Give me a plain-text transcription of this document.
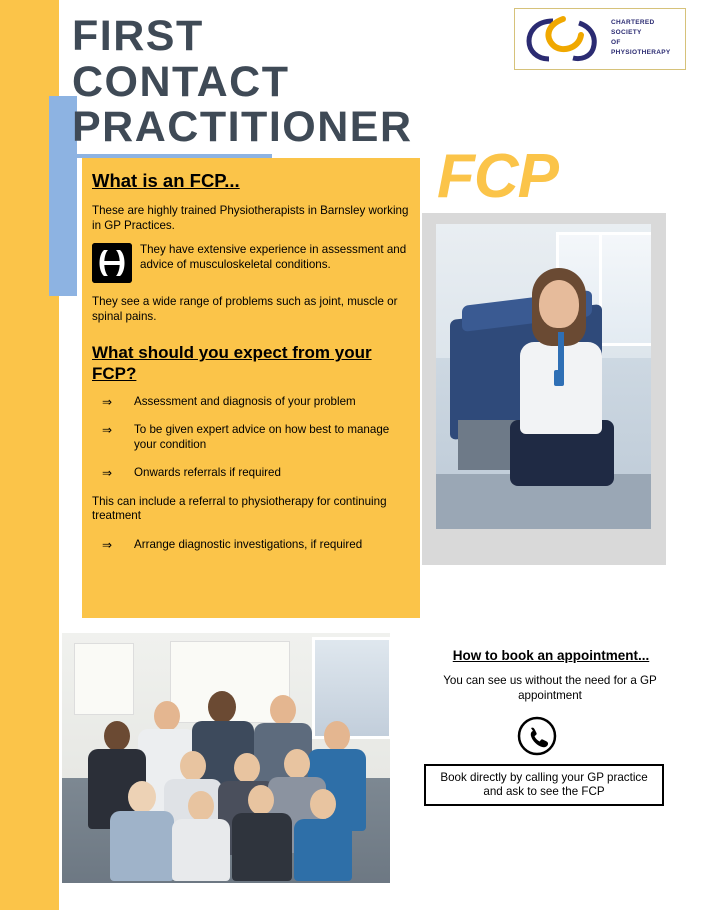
FIRST
CONTACT
PRACTITIONER
CHARTERED
SOCIETY
OF
PHYSIOTHERAPY
FCP
What is an FCP...

These are highly trained Physiotherapists in Barnsley working in GP Practices.

They have extensive experience in assessment and advice of musculoskeletal conditions.

They see a wide range of problems such as joint, muscle or spinal pains.

What should you expect from your FCP?
⇒ Assessment and diagnosis of your problem
⇒ To be given expert advice on how best to manage your condition
⇒ Onwards referrals if required

This can include a referral to physiotherapy for continuing treatment

⇒ Arrange diagnostic investigations, if required
How to book an appointment...
You can see us without the need for a GP appointment
Book directly by calling your GP practice and ask to see the FCP
